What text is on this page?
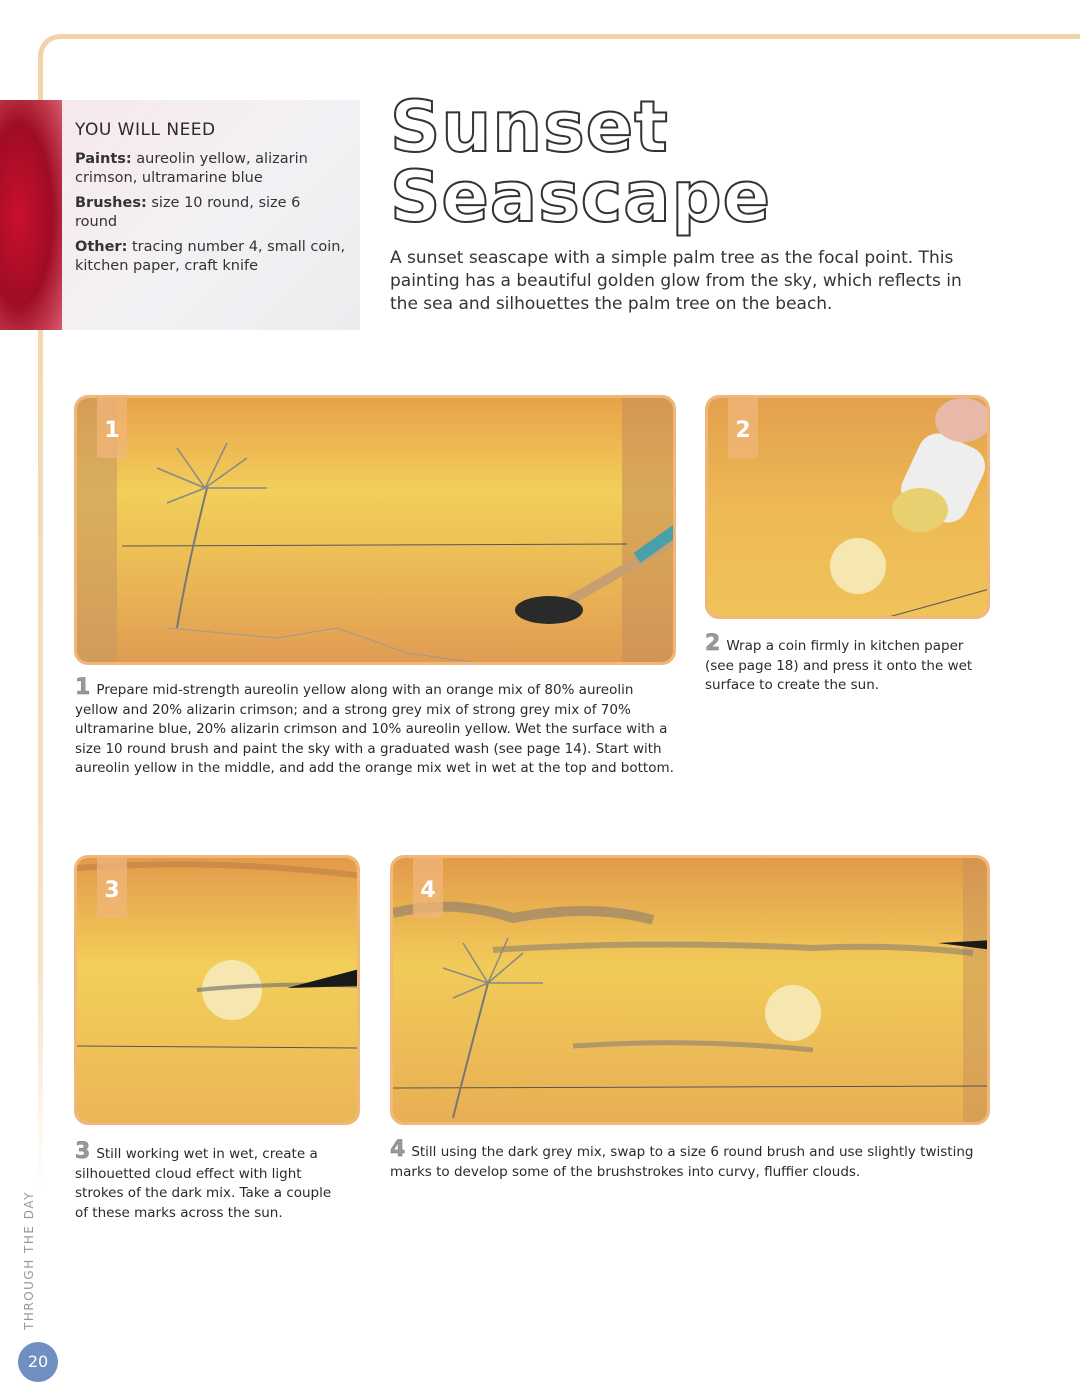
YOU WILL NEED
Paints: aureolin yellow, alizarin crimson, ultramarine blue
Brushes: size 10 round, size 6 round
Other: tracing number 4, small coin, kitchen paper, craft knife
Sunset
Seascape
A sunset seascape with a simple palm tree as the focal point. This painting has a beautiful golden glow from the sky, which reflects in the sea and silhouettes the palm tree on the beach.
1	2
3	4
1 Prepare mid-strength aureolin yellow along with an orange mix of 80% aureolin yellow and 20% alizarin crimson; and a strong grey mix of strong grey mix of 70% ultramarine blue, 20% alizarin crimson and 10% aureolin yellow. Wet the surface with a size 10 round brush and paint the sky with a graduated wash (see page 14). Start with aureolin yellow in the middle, and add the orange mix wet in wet at the top and bottom.
2 Wrap a coin firmly in kitchen paper (see page 18) and press it onto the wet surface to create the sun.
3 Still working wet in wet, create a silhouetted cloud effect with light strokes of the dark mix. Take a couple of these marks across the sun.
4 Still using the dark grey mix, swap to a size 6 round brush and use slightly twisting marks to develop some of the brushstrokes into curvy, fluffier clouds.
THROUGH THE DAY
20
